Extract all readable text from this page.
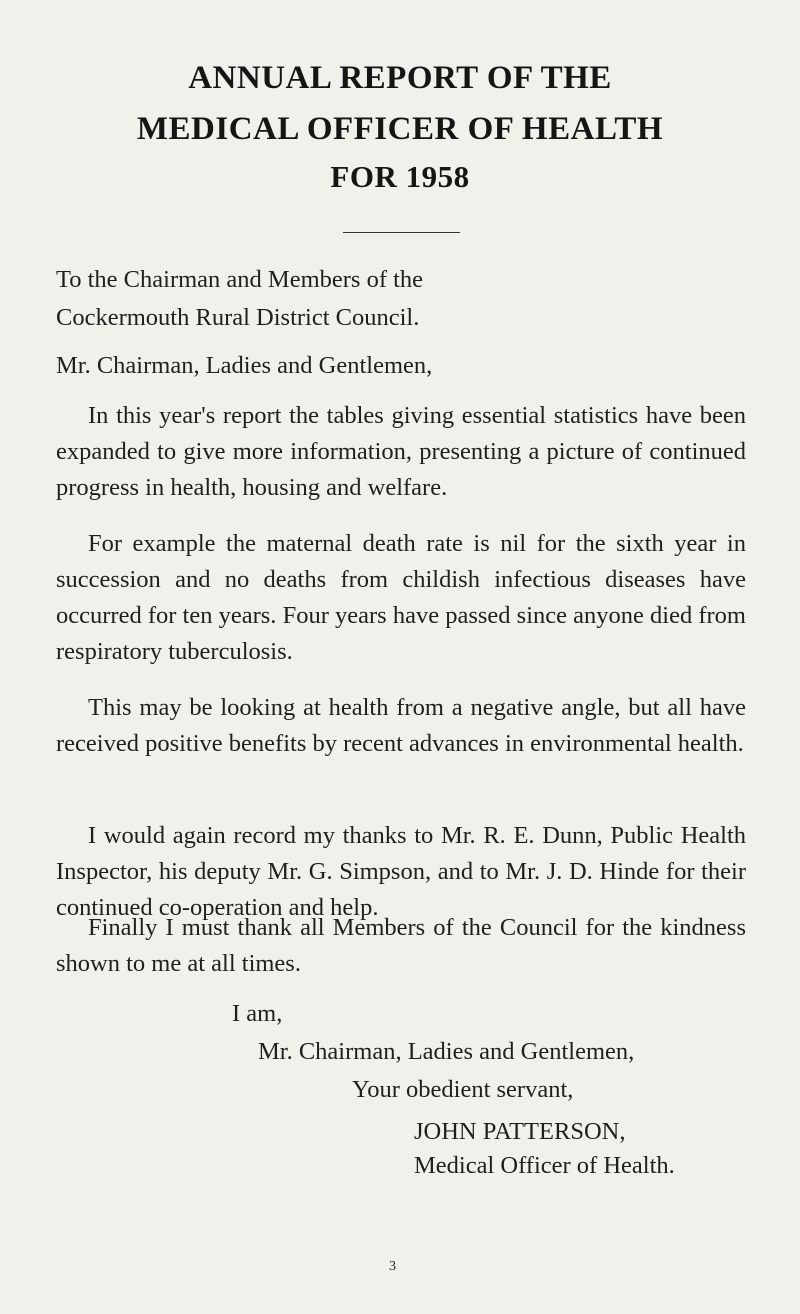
ANNUAL REPORT OF THE
MEDICAL OFFICER OF HEALTH
FOR 1958
To the Chairman and Members of the
Cockermouth Rural District Council.
Mr. Chairman, Ladies and Gentlemen,
In this year's report the tables giving essential statistics have been expanded to give more information, presenting a picture of continued progress in health, housing and welfare.
For example the maternal death rate is nil for the sixth year in succession and no deaths from childish infectious diseases have occurred for ten years. Four years have passed since anyone died from respiratory tuberculosis.
This may be looking at health from a negative angle, but all have received positive benefits by recent advances in environmental health.
I would again record my thanks to Mr. R. E. Dunn, Public Health Inspector, his deputy Mr. G. Simpson, and to Mr. J. D. Hinde for their continued co-operation and help.
Finally I must thank all Members of the Council for the kindness shown to me at all times.
I am,
Mr. Chairman, Ladies and Gentlemen,
Your obedient servant,
JOHN PATTERSON,
Medical Officer of Health.
3
